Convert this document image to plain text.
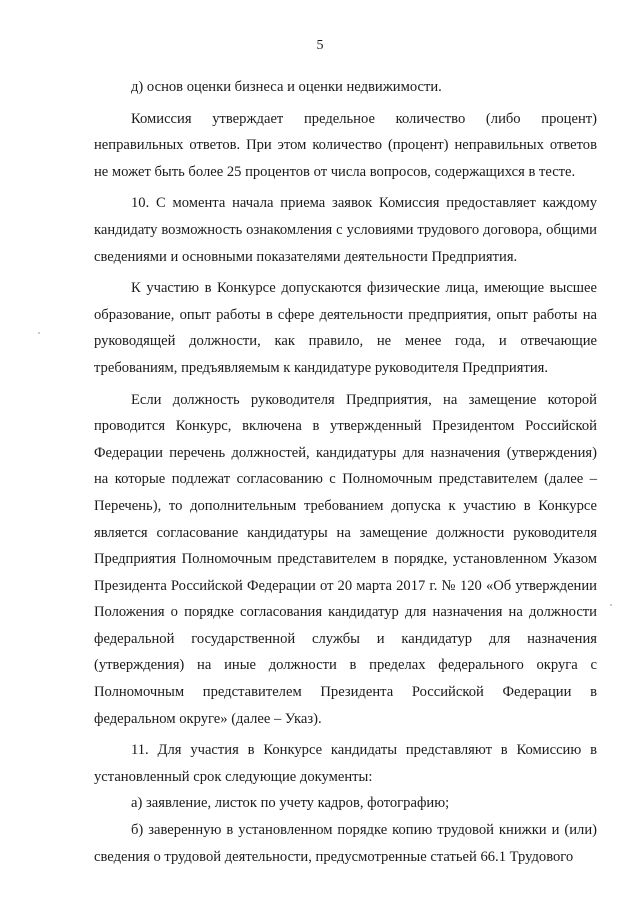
5

д) основ оценки бизнеса и оценки недвижимости.

Комиссия утверждает предельное количество (либо процент) неправильных ответов. При этом количество (процент) неправильных ответов не может быть более 25 процентов от числа вопросов, содержащихся в тесте.

10. С момента начала приема заявок Комиссия предоставляет каждому кандидату возможность ознакомления с условиями трудового договора, общими сведениями и основными показателями деятельности Предприятия.

К участию в Конкурсе допускаются физические лица, имеющие высшее образование, опыт работы в сфере деятельности предприятия, опыт работы на руководящей должности, как правило, не менее года, и отвечающие требованиям, предъявляемым к кандидатуре руководителя Предприятия.

Если должность руководителя Предприятия, на замещение которой проводится Конкурс, включена в утвержденный Президентом Российской Федерации перечень должностей, кандидатуры для назначения (утверждения) на которые подлежат согласованию с Полномочным представителем (далее – Перечень), то дополнительным требованием допуска к участию в Конкурсе является согласование кандидатуры на замещение должности руководителя Предприятия Полномочным представителем в порядке, установленном Указом Президента Российской Федерации от 20 марта 2017 г. № 120 «Об утверждении Положения о порядке согласования кандидатур для назначения на должности федеральной государственной службы и кандидатур для назначения (утверждения) на иные должности в пределах федерального округа с Полномочным представителем Президента Российской Федерации в федеральном округе» (далее – Указ).

11. Для участия в Конкурсе кандидаты представляют в Комиссию в установленный срок следующие документы:

а) заявление, листок по учету кадров, фотографию;

б) заверенную в установленном порядке копию трудовой книжки и (или) сведения о трудовой деятельности, предусмотренные статьей 66.1 Трудового
